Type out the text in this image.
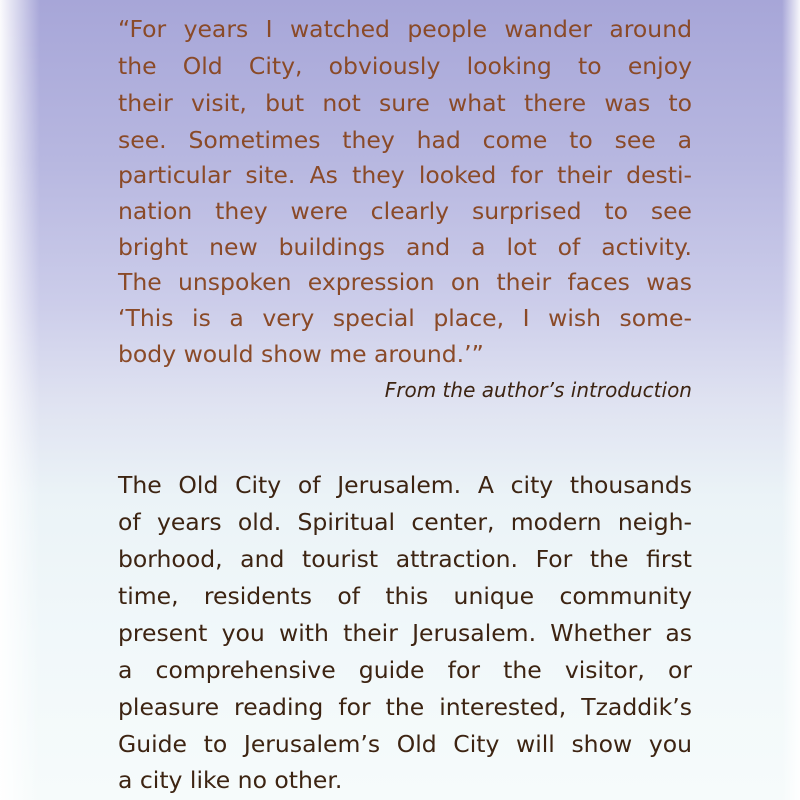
“For years I watched people wander around

the Old City, obviously looking to enjoy

their visit, but not sure what there was to

see. Sometimes they had come to see a

particular site. As they looked for their desti-

nation they were clearly surprised to see

bright new buildings and a lot of activity.

The unspoken expression on their faces was

‘This is a very special place, I wish some-

body would show me around.’”

From the author’s introduction

The Old City of Jerusalem. A city thousands

of years old. Spiritual center, modern neigh-

borhood, and tourist attraction. For the first

time, residents of this unique community

present you with their Jerusalem. Whether as

a comprehensive guide for the visitor, or

pleasure reading for the interested, Tzaddik’s

Guide to Jerusalem’s Old City will show you

a city like no other.
